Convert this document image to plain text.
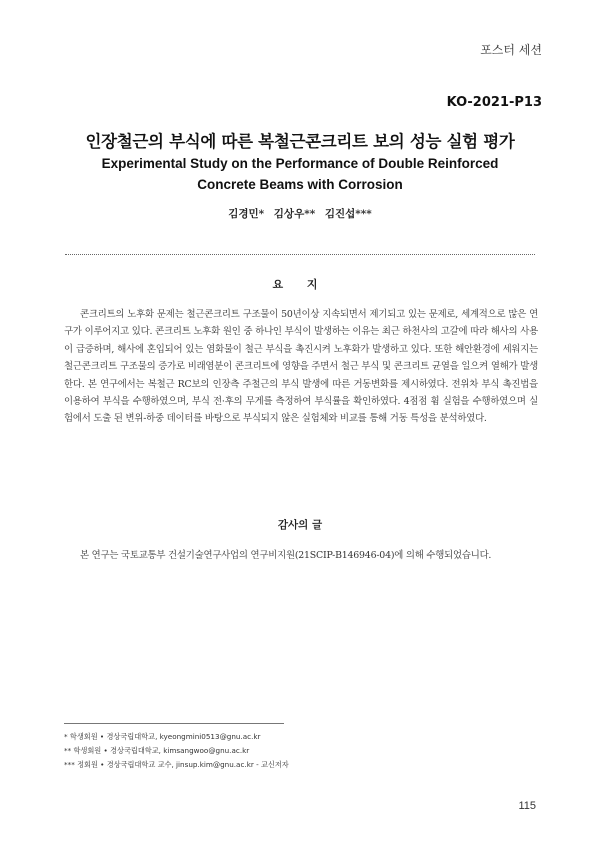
포스터 세션
KO-2021-P13
인장철근의 부식에 따른 복철근콘크리트 보의 성능 실험 평가
Experimental Study on the Performance of Double Reinforced
Concrete Beams with Corrosion
김경민* 김상우** 김진섭***
요 지
콘크리트의 노후화 문제는 철근콘크리트 구조물이 50년이상 지속되면서 제기되고 있는 문제로, 세계적으로 많은 연구가 이루어지고 있다. 콘크리트 노후화 원인 중 하나인 부식이 발생하는 이유는 최근 하천사의 고갈에 따라 해사의 사용이 급증하며, 해사에 혼입되어 있는 염화물이 철근 부식을 촉진시켜 노후화가 발생하고 있다. 또한 해안환경에 세워지는 철근콘크리트 구조물의 증가로 비래염분이 콘크리트에 영향을 주면서 철근 부식 및 콘크리트 균열을 일으켜 열해가 발생한다. 본 연구에서는 복철근 RC보의 인장측 주철근의 부식 발생에 따른 거동변화를 제시하였다. 전위차 부식 촉진법을 이용하여 부식을 수행하였으며, 부식 전·후의 무게를 측정하여 부식률을 확인하였다. 4점점 휨 실험을 수행하였으며 실험에서 도출 된 변위-하중 데이터를 바탕으로 부식되지 않은 실험체와 비교를 통해 거동 특성을 분석하였다.
감사의 글
본 연구는 국토교통부 건설기술연구사업의 연구비지원(21SCIP-B146946-04)에 의해 수행되었습니다.
* 학생회원 • 경상국립대학교, kyeongmini0513@gnu.ac.kr
** 학생회원 • 경상국립대학교, kimsangwoo@gnu.ac.kr
*** 정회원 • 경상국립대학교 교수, jinsup.kim@gnu.ac.kr - 교신저자
115
